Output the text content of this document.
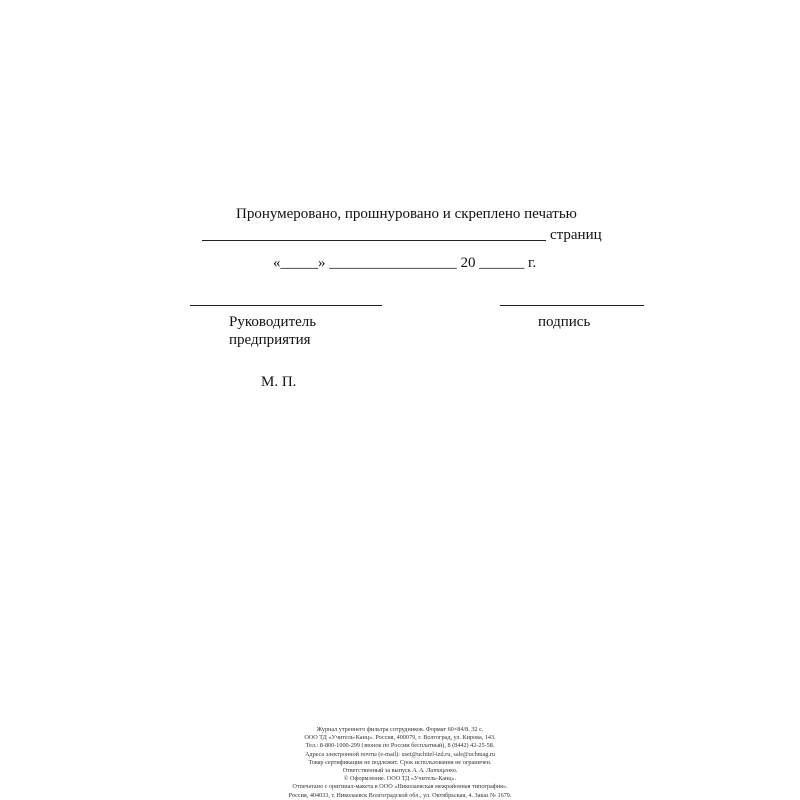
Пронумеровано, прошнуровано и скреплено печатью
страниц
«_____» _________________ 20 ______ г.
Руководитель
предприятия
подпись
М. П.
Журнал утреннего фильтра сотрудников. Формат 60×84/8. 32 с.
ООО ТД «Учитель-Канц». Россия, 400079, г. Волгоград, ул. Кирова, 143.
Тел.: 8-800-1000-299 (звонок по России бесплатный), 8 (8442) 42-25-58.
Адреса электронной почты (e-mail): uset@uchitel-izd.ru, sale@uchmag.ru
Товар сертификации не подлежит. Срок использования не ограничен.
Ответственный за выпуск А. А. Латоценко.
© Оформление. ООО ТД «Учитель-Канц».
Отпечатано с оригинал-макета в ООО «Николаевская межрайонная типография».
Россия, 404033, г. Николаевск Волгоградской обл., ул. Октябрьская, 4. Заказ № 1679.
